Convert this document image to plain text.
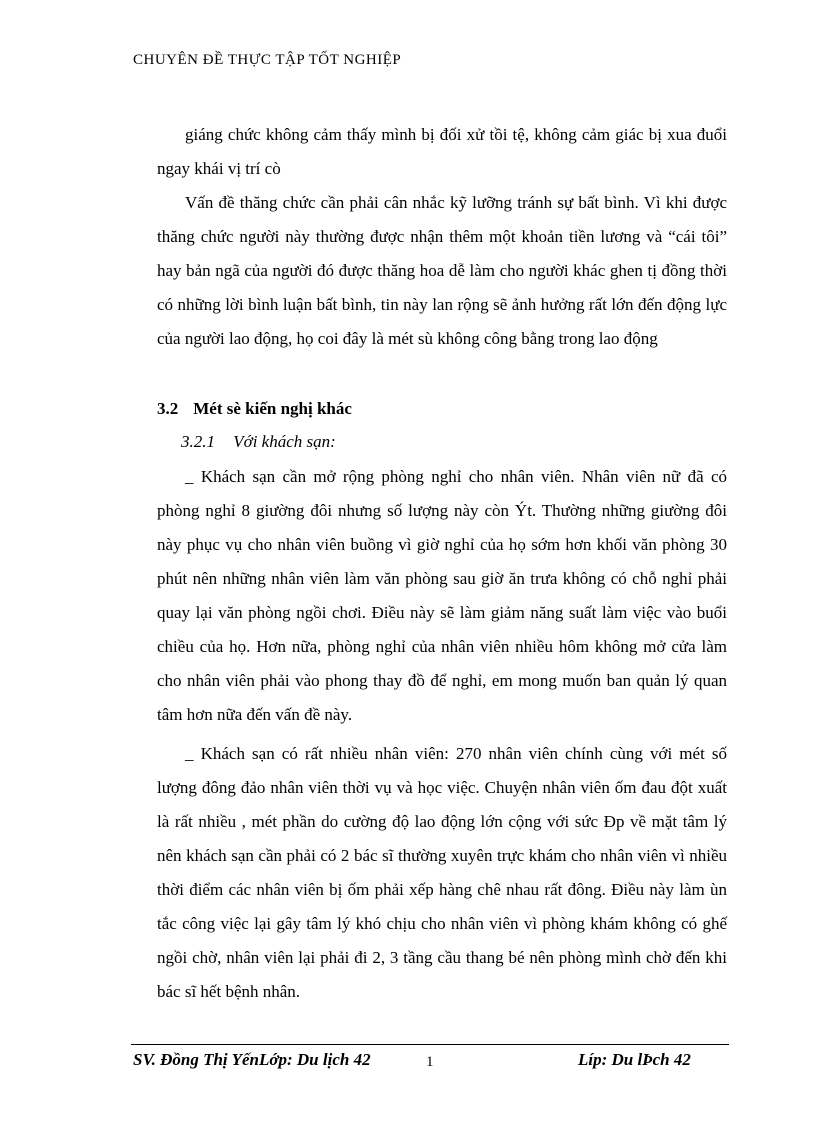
CHUYÊN ĐỀ THỰC TẬP TỐT NGHIỆP

giáng chức không cảm thấy mình bị đối xử tồi tệ, không cảm giác bị xua đuổi ngay khái vị trí cò

Vấn đề thăng chức cần phải cân nhắc kỹ lưỡng tránh sự bất bình. Vì khi được thăng chức người này thường được nhận thêm một khoản tiền lương và “cái tôi” hay bản ngã của người đó được thăng hoa dễ làm cho người khác ghen tị đồng thời có những lời bình luận bất bình, tin này lan rộng sẽ ảnh hưởng rất lớn đến động lực của người lao động, họ coi đây là mét sù không công bằng trong lao động

3.2 Mét sè kiến nghị khác
3.2.1 Với khách sạn:

_ Khách sạn cần mở rộng phòng nghỉ cho nhân viên. Nhân viên nữ đã có phòng nghỉ 8 giường đôi nhưng số lượng này còn Ýt. Thường những giường đôi này phục vụ cho nhân viên buồng vì giờ nghỉ của họ sớm hơn khối văn phòng 30 phút nên những nhân viên làm văn phòng sau giờ ăn trưa không có chỗ nghỉ phải quay lại văn phòng ngồi chơi. Điều này sẽ làm giảm năng suất làm việc vào buổi chiều của họ. Hơn nữa, phòng nghỉ của nhân viên nhiều hôm không mở cửa làm cho nhân viên phải vào phong thay đồ để nghỉ, em mong muốn ban quản lý quan tâm hơn nữa đến vấn đề này.

_ Khách sạn có rất nhiều nhân viên: 270 nhân viên chính cùng với mét số lượng đông đảo nhân viên thời vụ và học việc. Chuyện nhân viên ốm đau đột xuất là rất nhiều , mét phần do cường độ lao động lớn cộng với sức Ðp về mặt tâm lý nên khách sạn cần phải có 2 bác sĩ thường xuyên trực khám cho nhân viên vì nhiều thời điểm các nhân viên bị ốm phải xếp hàng chê nhau rất đông. Điều này làm ùn tắc công việc lại gây tâm lý khó chịu cho nhân viên vì phòng khám không có ghế ngồi chờ, nhân viên lại phải đi 2, 3 tầng cầu thang bé nên phòng mình chờ đến khi bác sĩ hết bệnh nhân.

SV. Đồng Thị YếnLớp: Du lịch 42	1	Líp: Du lÞch 42
